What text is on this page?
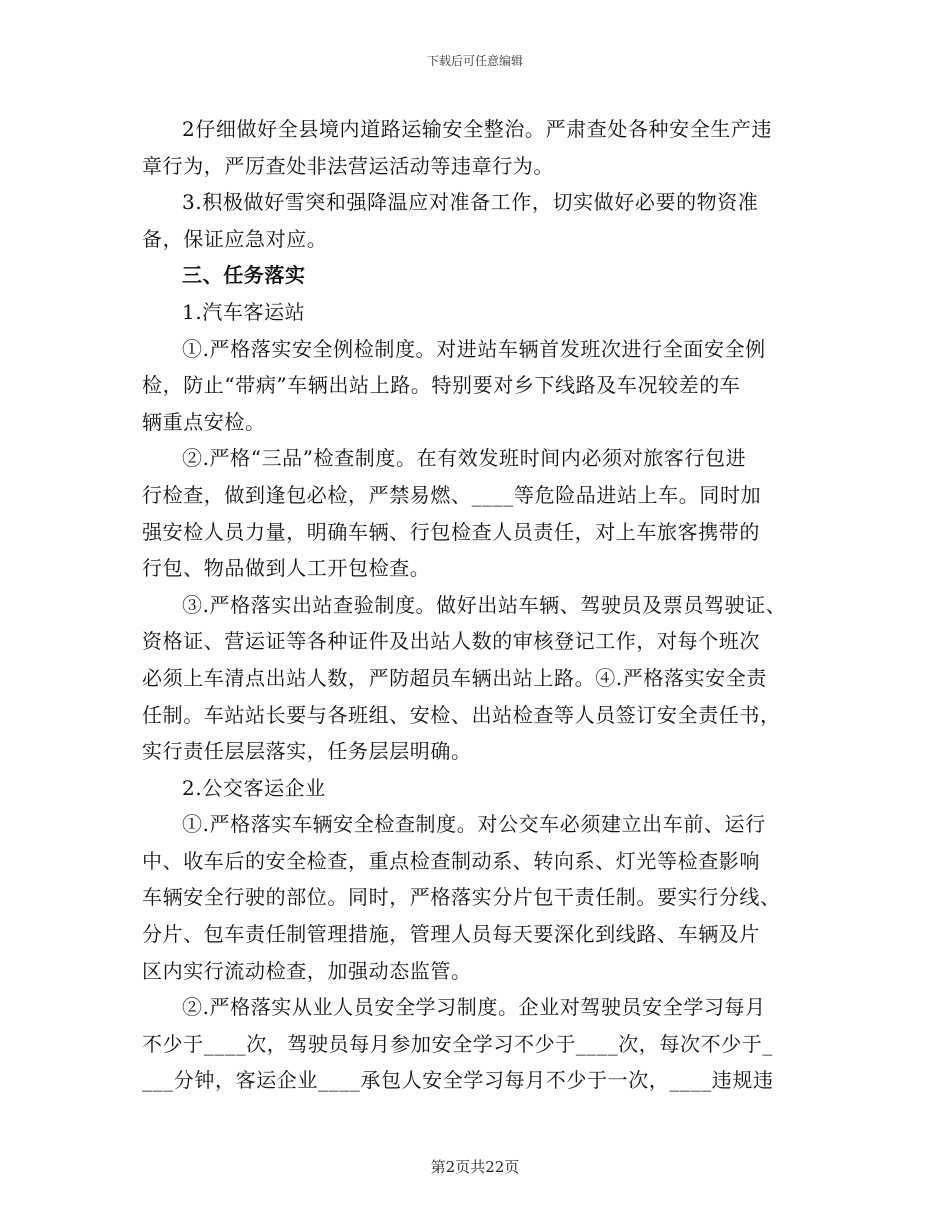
下载后可任意编辑

2仔细做好全县境内道路运输安全整治。严肃查处各种安全生产违
章行为，严厉查处非法营运活动等违章行为。

3.积极做好雪突和强降温应对准备工作，切实做好必要的物资准
备，保证应急对应。

三、任务落实

1.汽车客运站

①.严格落实安全例检制度。对进站车辆首发班次进行全面安全例
检，防止“带病”车辆出站上路。特别要对乡下线路及车况较差的车
辆重点安检。

②.严格“三品”检查制度。在有效发班时间内必须对旅客行包进
行检查，做到逢包必检，严禁易燃、____等危险品进站上车。同时加
强安检人员力量，明确车辆、行包检查人员责任，对上车旅客携带的
行包、物品做到人工开包检查。

③.严格落实出站查验制度。做好出站车辆、驾驶员及票员驾驶证、
资格证、营运证等各种证件及出站人数的审核登记工作，对每个班次
必须上车清点出站人数，严防超员车辆出站上路。④.严格落实安全责
任制。车站站长要与各班组、安检、出站检查等人员签订安全责任书，
实行责任层层落实，任务层层明确。

2.公交客运企业

①.严格落实车辆安全检查制度。对公交车必须建立出车前、运行
中、收车后的安全检查，重点检查制动系、转向系、灯光等检查影响
车辆安全行驶的部位。同时，严格落实分片包干责任制。要实行分线、
分片、包车责任制管理措施，管理人员每天要深化到线路、车辆及片
区内实行流动检查，加强动态监管。

②.严格落实从业人员安全学习制度。企业对驾驶员安全学习每月
不少于____次，驾驶员每月参加安全学习不少于____次，每次不少于_
___分钟，客运企业____承包人安全学习每月不少于一次，____违规违

第2页共22页
